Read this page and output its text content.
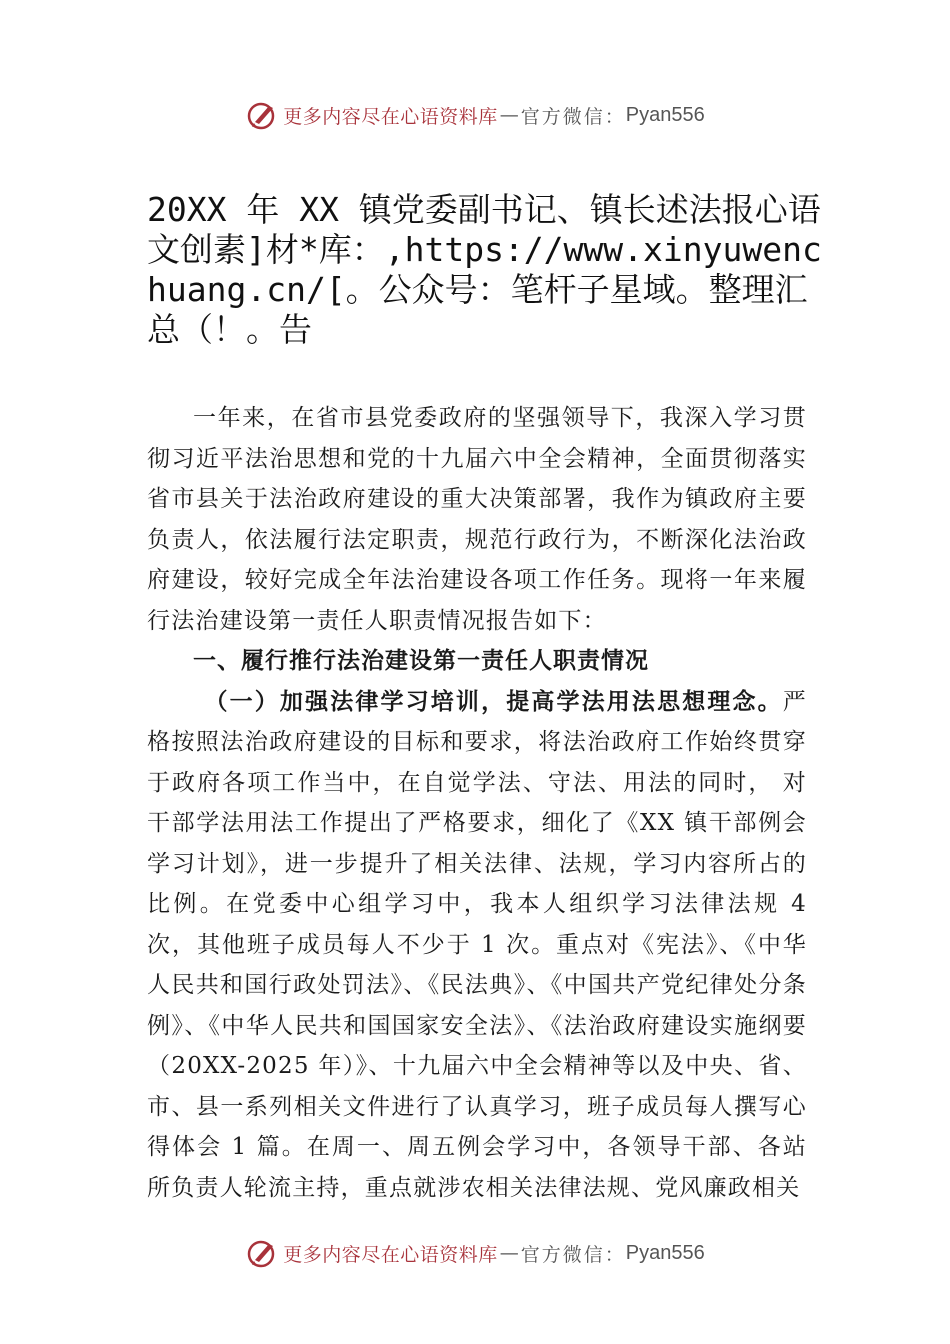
更多内容尽在心语资料库 — 官方微信： Pyan556
20XX 年 XX 镇党委副书记、镇长述法报心语文创素]材*库：,https://www.xinyuwenchuang.cn/[。公众号：笔杆子星域。整理汇总（！。告

一年来，在省市县党委政府的坚强领导下，我深入学习贯彻习近平法治思想和党的十九届六中全会精神，全面贯彻落实省市县关于法治政府建设的重大决策部署，我作为镇政府主要负责人，依法履行法定职责，规范行政行为，不断深化法治政府建设，较好完成全年法治建设各项工作任务。现将一年来履行法治建设第一责任人职责情况报告如下：

一、履行推行法治建设第一责任人职责情况

（一）加强法律学习培训，提高学法用法思想理念。严格按照法治政府建设的目标和要求，将法治政府工作始终贯穿于政府各项工作当中，在自觉学法、守法、用法的同时， 对干部学法用法工作提出了严格要求，细化了《XX 镇干部例会学习计划》，进一步提升了相关法律、法规，学习内容所占的比例。在党委中心组学习中，我本人组织学习法律法规 4 次，其他班子成员每人不少于 1 次。重点对《宪法》、《中华人民共和国行政处罚法》、《民法典》、《中国共产党纪律处分条例》、《中华人民共和国国家安全法》、《法治政府建设实施纲要（20XX-2025 年）》、十九届六中全会精神等以及中央、省、市、县一系列相关文件进行了认真学习，班子成员每人撰写心得体会 1 篇。在周一、周五例会学习中，各领导干部、各站所负责人轮流主持，重点就涉农相关法律法规、党风廉政相关

更多内容尽在心语资料库 — 官方微信： Pyan556
